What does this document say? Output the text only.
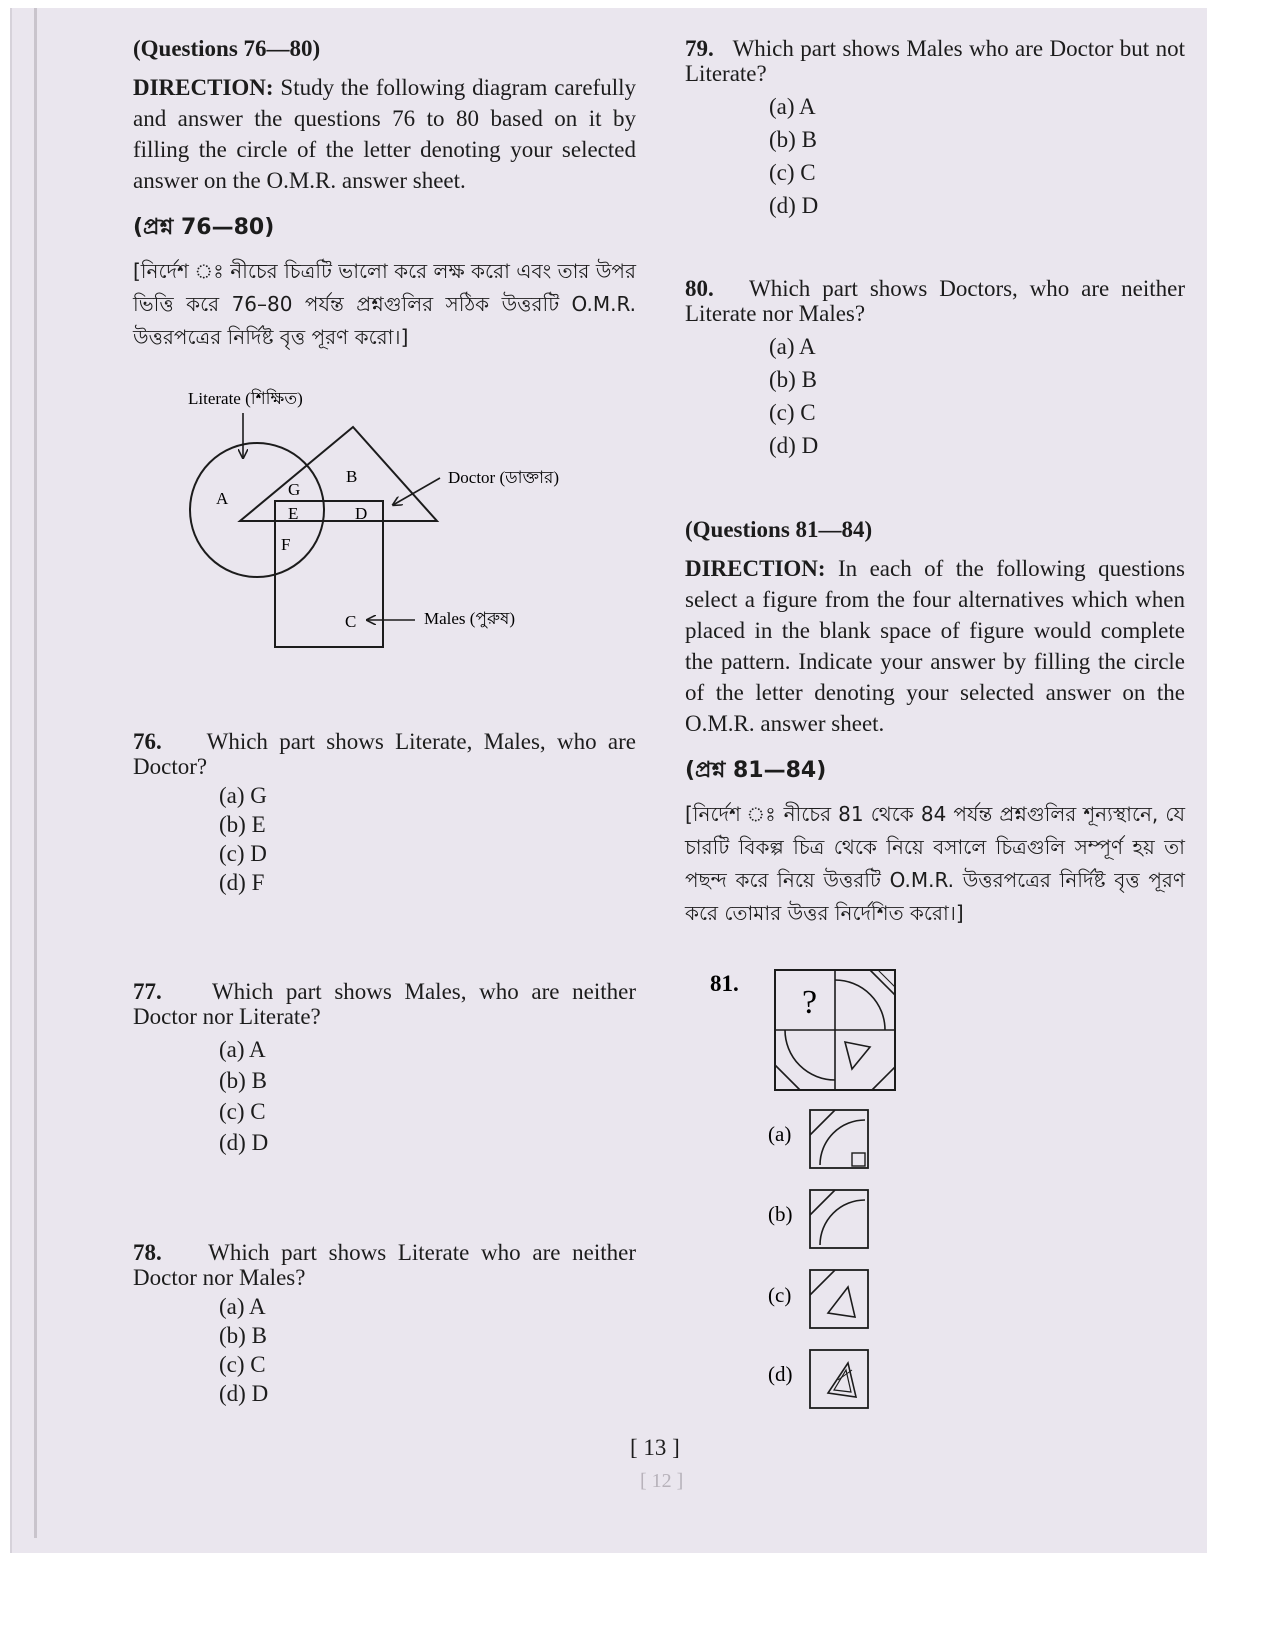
(Questions 76—80)

DIRECTION: Study the following diagram carefully and answer the questions 76 to 80 based on it by filling the circle of the letter denoting your selected answer on the O.M.R. answer sheet.

(প্রশ্ন 76—80)

[নির্দেশ ঃ নীচের চিত্রটি ভালো করে লক্ষ করো এবং তার উপর ভিত্তি করে 76–80 পর্যন্ত প্রশ্নগুলির সঠিক উত্তরটি O.M.R. উত্তরপত্রের নির্দিষ্ট বৃত্ত পূরণ করো।]

Literate (শিক্ষিত)
Doctor (ডাক্তার)
Males (পুরুষ)
A
B
G
E	D
F
C
76. Which part shows Literate, Males, who are Doctor?
(a) G
(b) E
(c) D
(d) F
77. Which part shows Males, who are neither Doctor nor Literate?
(a) A
(b) B
(c) C
(d) D
78. Which part shows Literate who are neither Doctor nor Males?
(a) A
(b) B
(c) C
(d) D
79. Which part shows Males who are Doctor but not Literate?
(a) A
(b) B
(c) C
(d) D
80. Which part shows Doctors, who are neither Literate nor Males?
(a) A
(b) B
(c) C
(d) D
(Questions 81—84)

DIRECTION: In each of the following questions select a figure from the four alternatives which when placed in the blank space of figure would complete the pattern. Indicate your answer by filling the circle of the letter denoting your selected answer on the O.M.R. answer sheet.

(প্রশ্ন 81—84)

[নির্দেশ ঃ নীচের 81 থেকে 84 পর্যন্ত প্রশ্নগুলির শূন্যস্থানে, যে চারটি বিকল্প চিত্র থেকে নিয়ে বসালে চিত্রগুলি সম্পূর্ণ হয় তা পছন্দ করে নিয়ে উত্তরটি O.M.R. উত্তরপত্রের নির্দিষ্ট বৃত্ত পূরণ করে তোমার উত্তর নির্দেশিত করো।]

81.
?
(a)
(b)
(c)
(d)
[ 13 ]
[ 12 ]
